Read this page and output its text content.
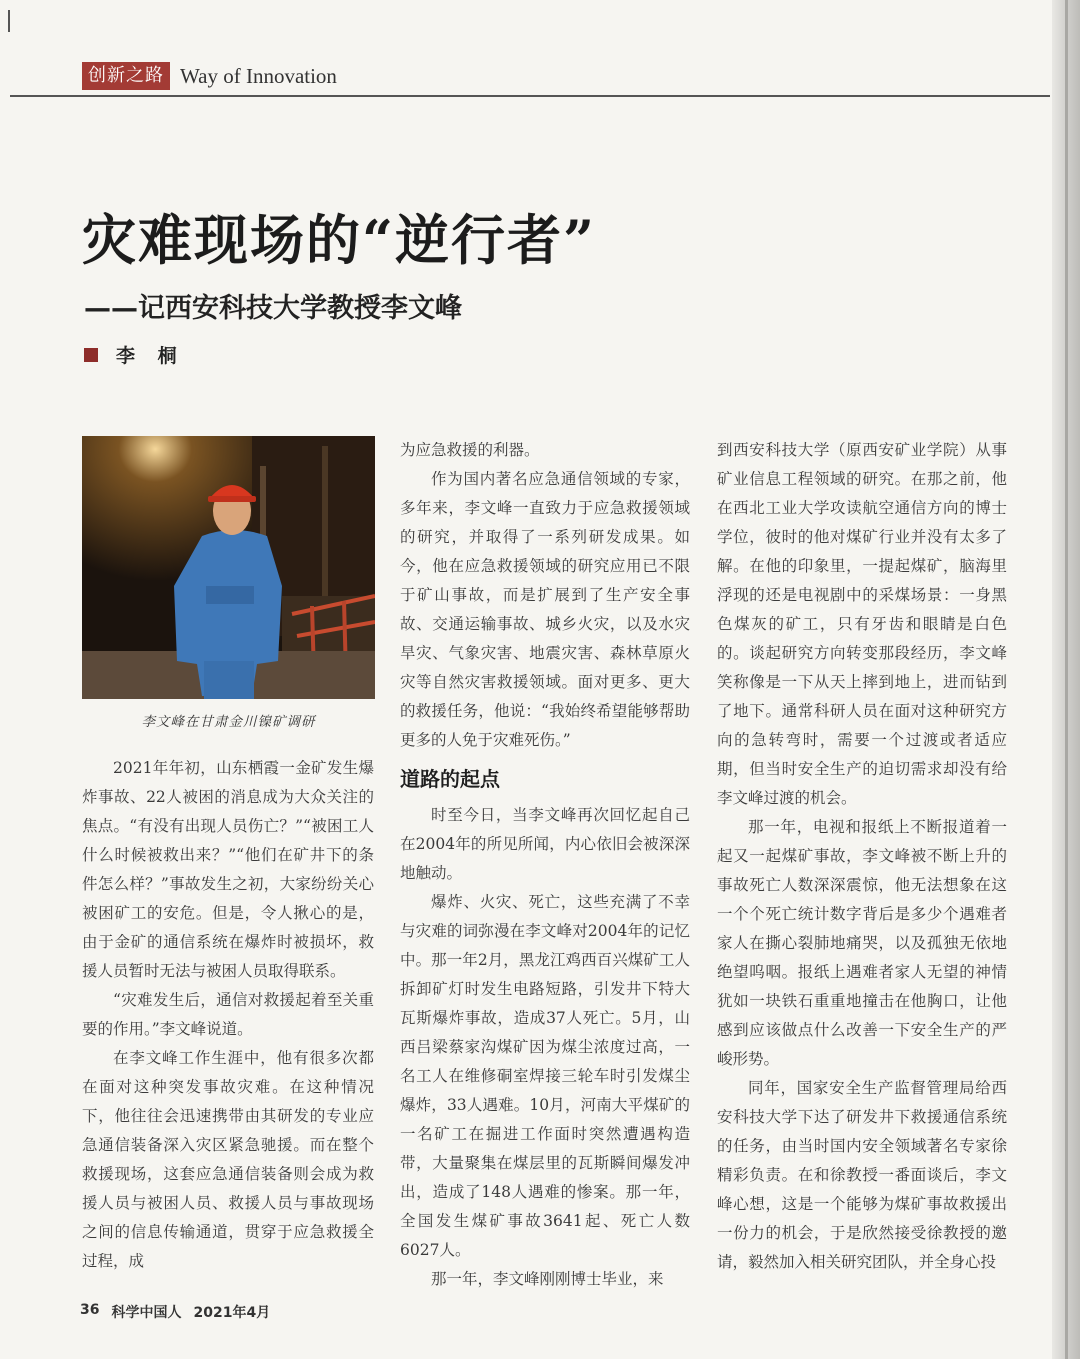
创新之路 Way of Innovation
灾难现场的“逆行者”
——记西安科技大学教授李文峰
李 桐
李文峰在甘肃金川镍矿调研

2021年年初，山东栖霞一金矿发生爆炸事故、22人被困的消息成为大众关注的焦点。“有没有出现人员伤亡？”“被困工人什么时候被救出来？”“他们在矿井下的条件怎么样？”事故发生之初，大家纷纷关心被困矿工的安危。但是，令人揪心的是，由于金矿的通信系统在爆炸时被损坏，救援人员暂时无法与被困人员取得联系。

“灾难发生后，通信对救援起着至关重要的作用。”李文峰说道。

在李文峰工作生涯中，他有很多次都在面对这种突发事故灾难。在这种情况下，他往往会迅速携带由其研发的专业应急通信装备深入灾区紧急驰援。而在整个救援现场，这套应急通信装备则会成为救援人员与被困人员、救援人员与事故现场之间的信息传输通道，贯穿于应急救援全过程，成

为应急救援的利器。

作为国内著名应急通信领域的专家，多年来，李文峰一直致力于应急救援领域的研究，并取得了一系列研发成果。如今，他在应急救援领域的研究应用已不限于矿山事故，而是扩展到了生产安全事故、交通运输事故、城乡火灾，以及水灾旱灾、气象灾害、地震灾害、森林草原火灾等自然灾害救援领域。面对更多、更大的救援任务，他说：“我始终希望能够帮助更多的人免于灾难死伤。”

道路的起点

时至今日，当李文峰再次回忆起自己在2004年的所见所闻，内心依旧会被深深地触动。

爆炸、火灾、死亡，这些充满了不幸与灾难的词弥漫在李文峰对2004年的记忆中。那一年2月，黑龙江鸡西百兴煤矿工人拆卸矿灯时发生电路短路，引发井下特大瓦斯爆炸事故，造成37人死亡。5月，山西吕梁蔡家沟煤矿因为煤尘浓度过高，一名工人在维修硐室焊接三轮车时引发煤尘爆炸，33人遇难。10月，河南大平煤矿的一名矿工在掘进工作面时突然遭遇构造带，大量聚集在煤层里的瓦斯瞬间爆发冲出，造成了148人遇难的惨案。那一年，全国发生煤矿事故3641起、死亡人数6027人。

那一年，李文峰刚刚博士毕业，来

到西安科技大学（原西安矿业学院）从事矿业信息工程领域的研究。在那之前，他在西北工业大学攻读航空通信方向的博士学位，彼时的他对煤矿行业并没有太多了解。在他的印象里，一提起煤矿，脑海里浮现的还是电视剧中的采煤场景：一身黑色煤灰的矿工，只有牙齿和眼睛是白色的。谈起研究方向转变那段经历，李文峰笑称像是一下从天上摔到地上，进而钻到了地下。通常科研人员在面对这种研究方向的急转弯时，需要一个过渡或者适应期，但当时安全生产的迫切需求却没有给李文峰过渡的机会。

那一年，电视和报纸上不断报道着一起又一起煤矿事故，李文峰被不断上升的事故死亡人数深深震惊，他无法想象在这一个个死亡统计数字背后是多少个遇难者家人在撕心裂肺地痛哭，以及孤独无依地绝望呜咽。报纸上遇难者家人无望的神情犹如一块铁石重重地撞击在他胸口，让他感到应该做点什么改善一下安全生产的严峻形势。

同年，国家安全生产监督管理局给西安科技大学下达了研发井下救援通信系统的任务，由当时国内安全领域著名专家徐精彩负责。在和徐教授一番面谈后，李文峰心想，这是一个能够为煤矿事故救援出一份力的机会，于是欣然接受徐教授的邀请，毅然加入相关研究团队，并全身心投

36 科学中国人 2021年4月
